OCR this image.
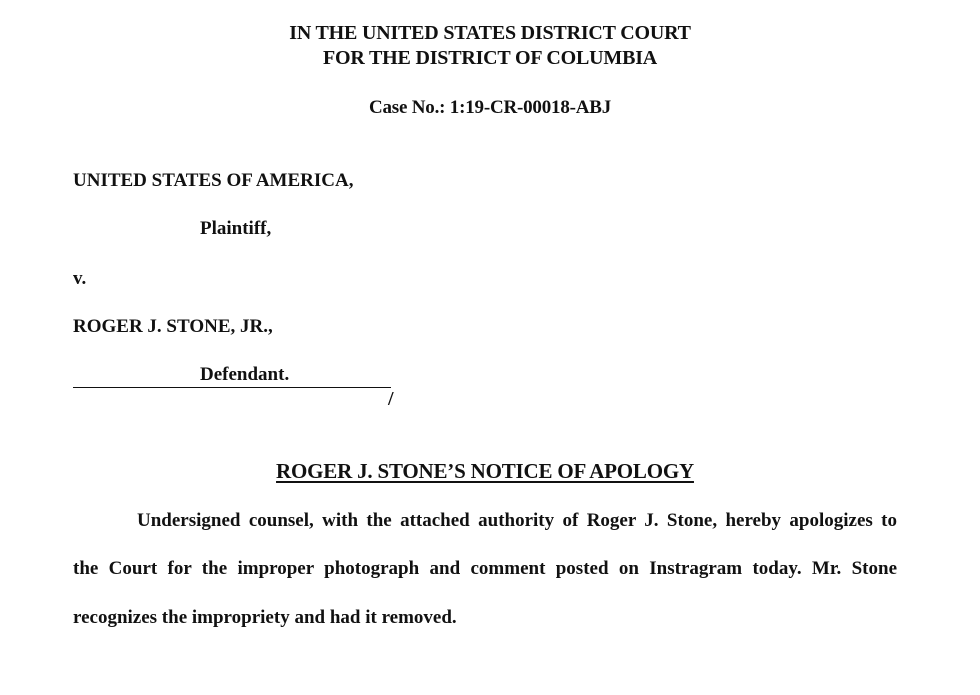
IN THE UNITED STATES DISTRICT COURT
FOR THE DISTRICT OF COLUMBIA
Case No.: 1:19-CR-00018-ABJ
UNITED STATES OF AMERICA,
Plaintiff,
v.
ROGER J. STONE, JR.,
Defendant.
/
ROGER J. STONE’S NOTICE OF APOLOGY
Undersigned counsel, with the attached authority of Roger J. Stone, hereby apologizes to
the Court for the improper photograph and comment posted on Instragram today. Mr. Stone
recognizes the impropriety and had it removed.
